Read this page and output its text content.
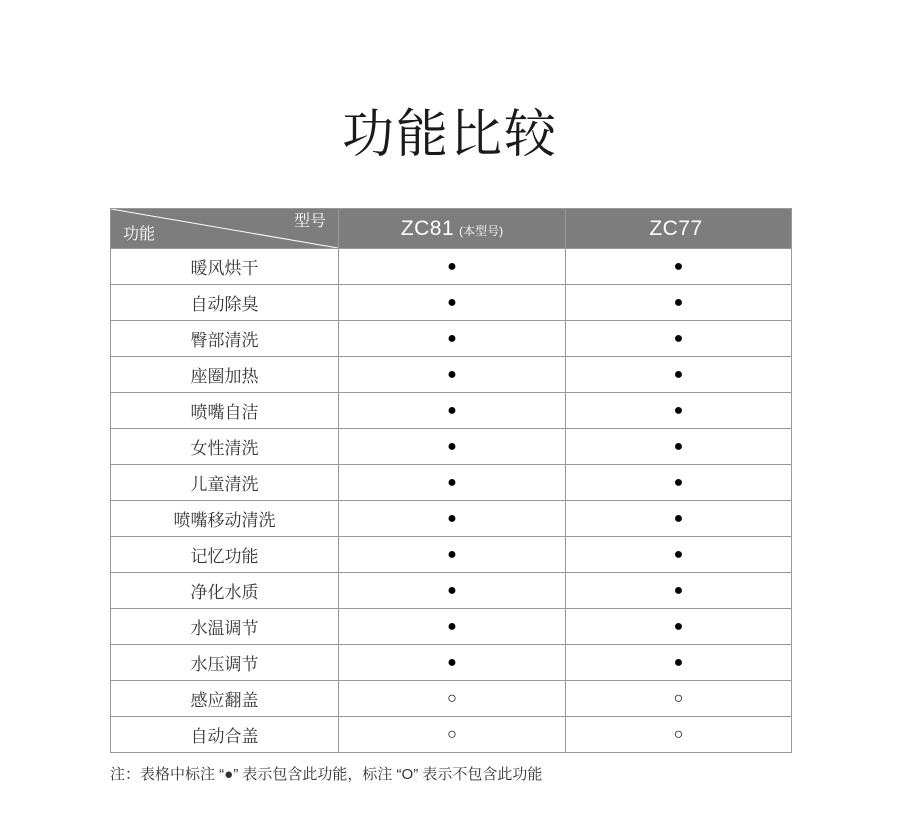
功能比较
型号
功能	ZC81 (本型号)	ZC77
暖风烘干	●	●
自动除臭	●	●
臀部清洗	●	●
座圈加热	●	●
喷嘴自洁	●	●
女性清洗	●	●
儿童清洗	●	●
喷嘴移动清洗	●	●
记忆功能	●	●
净化水质	●	●
水温调节	●	●
水压调节	●	●
感应翻盖	○	○
自动合盖	○	○
注：表格中标注 “●” 表示包含此功能，标注 “O” 表示不包含此功能
